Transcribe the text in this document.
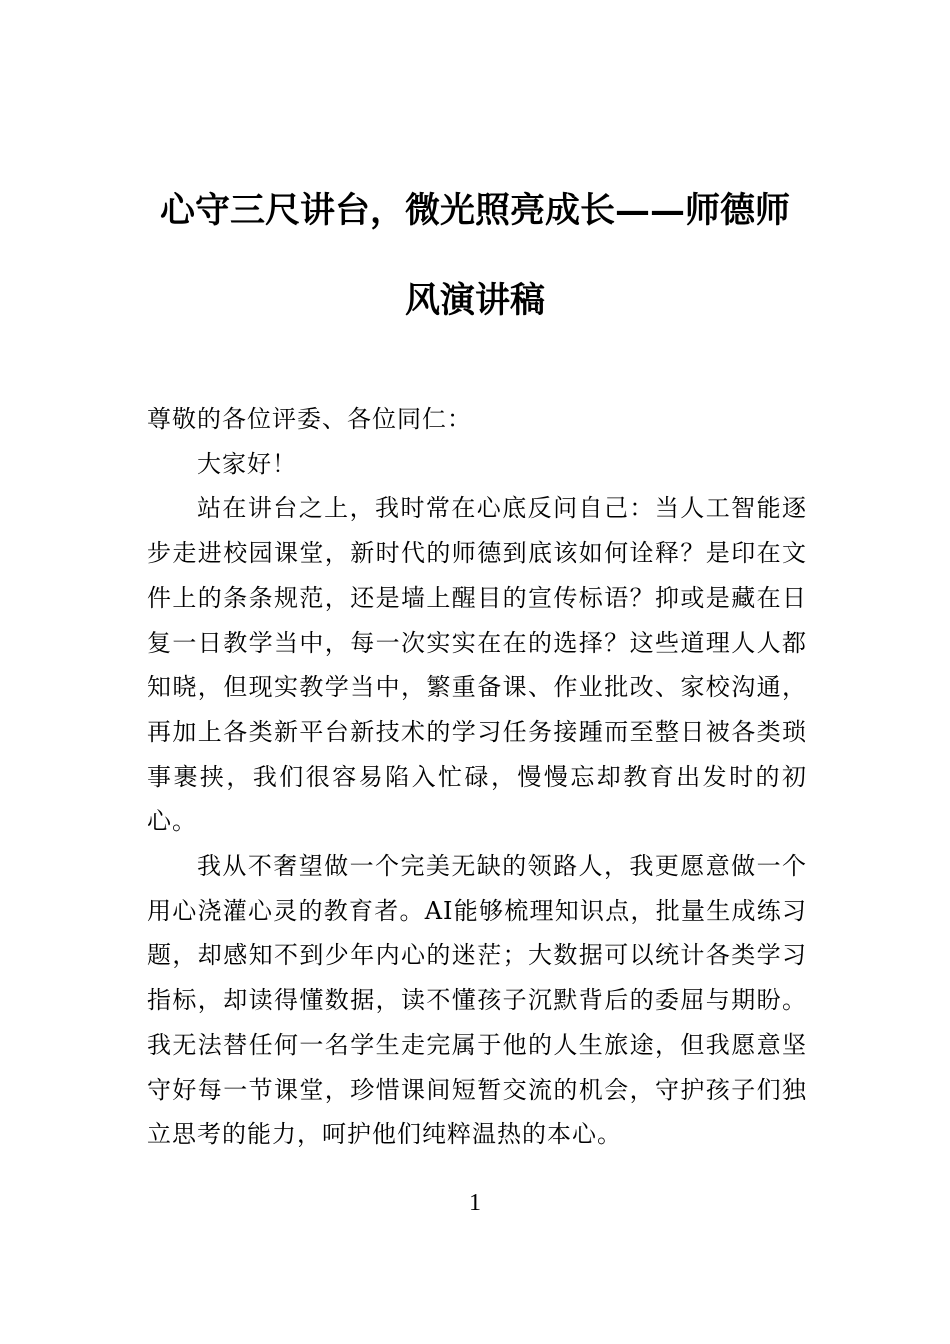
心守三尺讲台，微光照亮成长——师德师
风演讲稿

尊敬的各位评委、各位同仁：

大家好！

站在讲台之上，我时常在心底反问自己：当人工智能逐步走进校园课堂，新时代的师德到底该如何诠释？是印在文件上的条条规范，还是墙上醒目的宣传标语？抑或是藏在日复一日教学当中，每一次实实在在的选择？这些道理人人都知晓，但现实教学当中，繁重备课、作业批改、家校沟通，再加上各类新平台新技术的学习任务接踵而至整日被各类琐事裹挟，我们很容易陷入忙碌，慢慢忘却教育出发时的初心。

我从不奢望做一个完美无缺的领路人，我更愿意做一个用心浇灌心灵的教育者。AI能够梳理知识点，批量生成练习题，却感知不到少年内心的迷茫；大数据可以统计各类学习指标，却读得懂数据，读不懂孩子沉默背后的委屈与期盼。我无法替任何一名学生走完属于他的人生旅途，但我愿意坚守好每一节课堂，珍惜课间短暂交流的机会，守护孩子们独立思考的能力，呵护他们纯粹温热的本心。

1
